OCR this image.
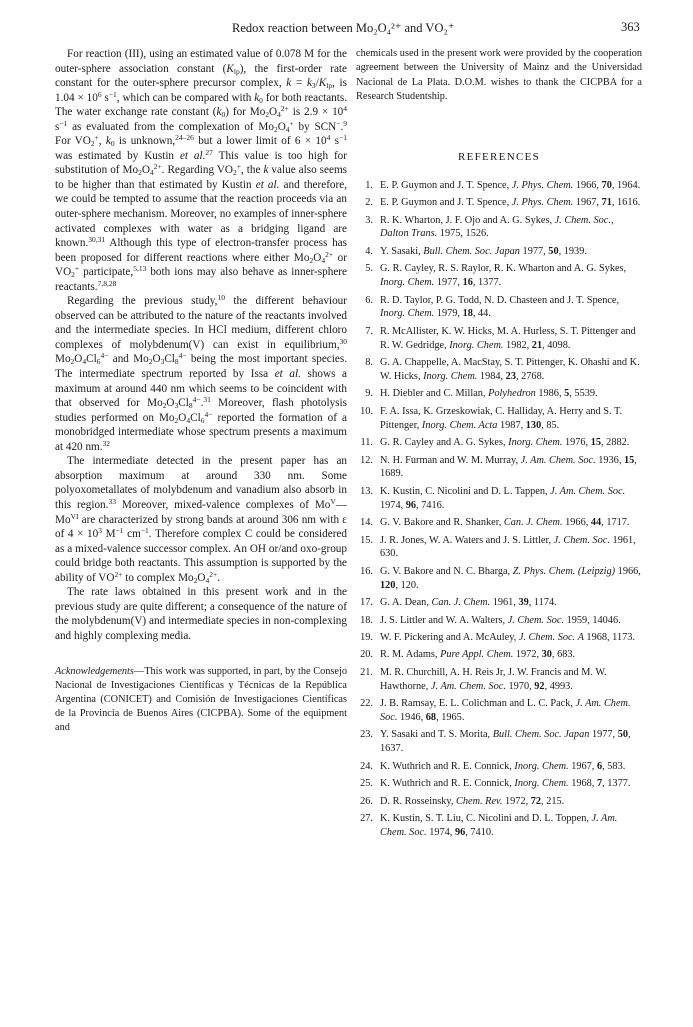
Redox reaction between Mo₂O₄²⁺ and VO₂⁺	363

For reaction (III), using an estimated value of 0.078 M for the outer-sphere association constant $(K_{lp})$, the first-order rate constant for the outer-sphere precursor complex, $k = k_3/K_{lp}$, is $1.04 \times 10^6$ $s^{-1}$, which can be compared with $k_0$ for both reactants. The water exchange rate constant $(k_0)$ for $Mo_2O_4^{2+}$ is $2.9 \times 10^4$ $s^{-1}$ as evaluated from the complexation of $Mo_2O_4^+$ by SCN−.$^9$ For $VO_2^+$, $k_0$ is unknown,$^{24-26}$ but a lower limit of $6 \times 10^4$ $s^{-1}$ was estimated by Kustin et al.$^{27}$ This value is too high for substitution of $Mo_2O_4^{2+}$. Regarding $VO_2^+$, the k value also seems to be higher than that estimated by Kustin et al. and therefore, we could be tempted to assume that the reaction proceeds via an outer-sphere mechanism. Moreover, no examples of inner-sphere activated complexes with water as a bridging ligand are known.$^{30,31}$ Although this type of electron-transfer process has been proposed for different reactions where either $Mo_2O_4^{2+}$ or $VO_2^+$ participate,$^{5,13}$ both ions may also behave as inner-sphere reactants.$^{7,8,28}$

Regarding the previous study,$^{10}$ the different behaviour observed can be attributed to the nature of the reactants involved and the intermediate species. In HCl medium, different chloro complexes of molybdenum(V) can exist in equilibrium,$^{30}$ $Mo_2O_4Cl_6^{4-}$ and $Mo_2O_3Cl_8^{4-}$ being the most important species. The intermediate spectrum reported by Issa et al. shows a maximum at around 440 nm which seems to be coincident with that observed for $Mo_2O_3Cl_8^{4-}.^{31}$ Moreover, flash photolysis studies performed on $Mo_2O_4Cl_6^{4-}$ reported the formation of a monobridged intermediate whose spectrum presents a maximum at 420 nm.$^{32}$

The intermediate detected in the present paper has an absorption maximum at around 330 nm. Some polyoxometallates of molybdenum and vanadium also absorb in this region.$^{33}$ Moreover, mixed-valence complexes of $Mo^V—Mo^{VI}$ are characterized by strong bands at around 306 nm with ε of $4 \times 10^3$ $M^{-1}$ $cm^{-1}$. Therefore complex C could be considered as a mixed-valence successor complex. An OH or/and oxo-group could bridge both reactants. This assumption is supported by the ability of $VO^{2+}$ to complex $Mo_2O_4^{2+}$.

The rate laws obtained in this present work and in the previous study are quite different; a consequence of the nature of the molybdenum(V) and intermediate species in non-complexing and highly complexing media.

Acknowledgements—This work was supported, in part, by the Consejo Nacional de Investigaciones Científicas y Técnicas de la República Argentina (CONICET) and Comisión de Investigaciones Científicas de la Provincia de Buenos Aires (CICPBA). Some of the equipment and

chemicals used in the present work were provided by the cooperation agreement between the University of Mainz and the Universidad Nacional de La Plata. D.O.M. wishes to thank the CICPBA for a Research Studentship.

REFERENCES
1. E. P. Guymon and J. T. Spence, J. Phys. Chem. 1966, 70, 1964.
2. E. P. Guymon and J. T. Spence, J. Phys. Chem. 1967, 71, 1616.
3. R. K. Wharton, J. F. Ojo and A. G. Sykes, J. Chem. Soc., Dalton Trans. 1975, 1526.
4. Y. Sasaki, Bull. Chem. Soc. Japan 1977, 50, 1939.
5. G. R. Cayley, R. S. Raylor, R. K. Wharton and A. G. Sykes, Inorg. Chem. 1977, 16, 1377.
6. R. D. Taylor, P. G. Todd, N. D. Chasteen and J. T. Spence, Inorg. Chem. 1979, 18, 44.
7. R. McAllister, K. W. Hicks, M. A. Hurless, S. T. Pittenger and R. W. Gedridge, Inorg. Chem. 1982, 21, 4098.
8. G. A. Chappelle, A. MacStay, S. T. Pittenger, K. Ohashi and K. W. Hicks, Inorg. Chem. 1984, 23, 2768.
9. H. Diebler and C. Millan, Polyhedron 1986, 5, 5539.
10. F. A. Issa, K. Grzeskowiak, C. Halliday, A. Herry and S. T. Pittenger, Inorg. Chem. Acta 1987, 130, 85.
11. G. R. Cayley and A. G. Sykes, Inorg. Chem. 1976, 15, 2882.
12. N. H. Furman and W. M. Murray, J. Am. Chem. Soc. 1936, 15, 1689.
13. K. Kustin, C. Nicolini and D. L. Tappen, J. Am. Chem. Soc. 1974, 96, 7416.
14. G. V. Bakore and R. Shanker, Can. J. Chem. 1966, 44, 1717.
15. J. R. Jones, W. A. Waters and J. S. Littler, J. Chem. Soc. 1961, 630.
16. G. V. Bakore and N. C. Bharga, Z. Phys. Chem. (Leipzig) 1966, 120, 120.
17. G. A. Dean, Can. J. Chem. 1961, 39, 1174.
18. J. S. Littler and W. A. Walters, J. Chem. Soc. 1959, 14046.
19. W. F. Pickering and A. McAuley, J. Chem. Soc. A 1968, 1173.
20. R. M. Adams, Pure Appl. Chem. 1972, 30, 683.
21. M. R. Churchill, A. H. Reis Jr, J. W. Francis and M. W. Hawthorne, J. Am. Chem. Soc. 1970, 92, 4993.
22. J. B. Ramsay, E. L. Colichman and L. C. Pack, J. Am. Chem. Soc. 1946, 68, 1965.
23. Y. Sasaki and T. S. Morita, Bull. Chem. Soc. Japan 1977, 50, 1637.
24. K. Wuthrich and R. E. Connick, Inorg. Chem. 1967, 6, 583.
25. K. Wuthrich and R. E. Connick, Inorg. Chem. 1968, 7, 1377.
26. D. R. Rosseinsky, Chem. Rev. 1972, 72, 215.
27. K. Kustin, S. T. Liu, C. Nicolini and D. L. Toppen, J. Am. Chem. Soc. 1974, 96, 7410.
